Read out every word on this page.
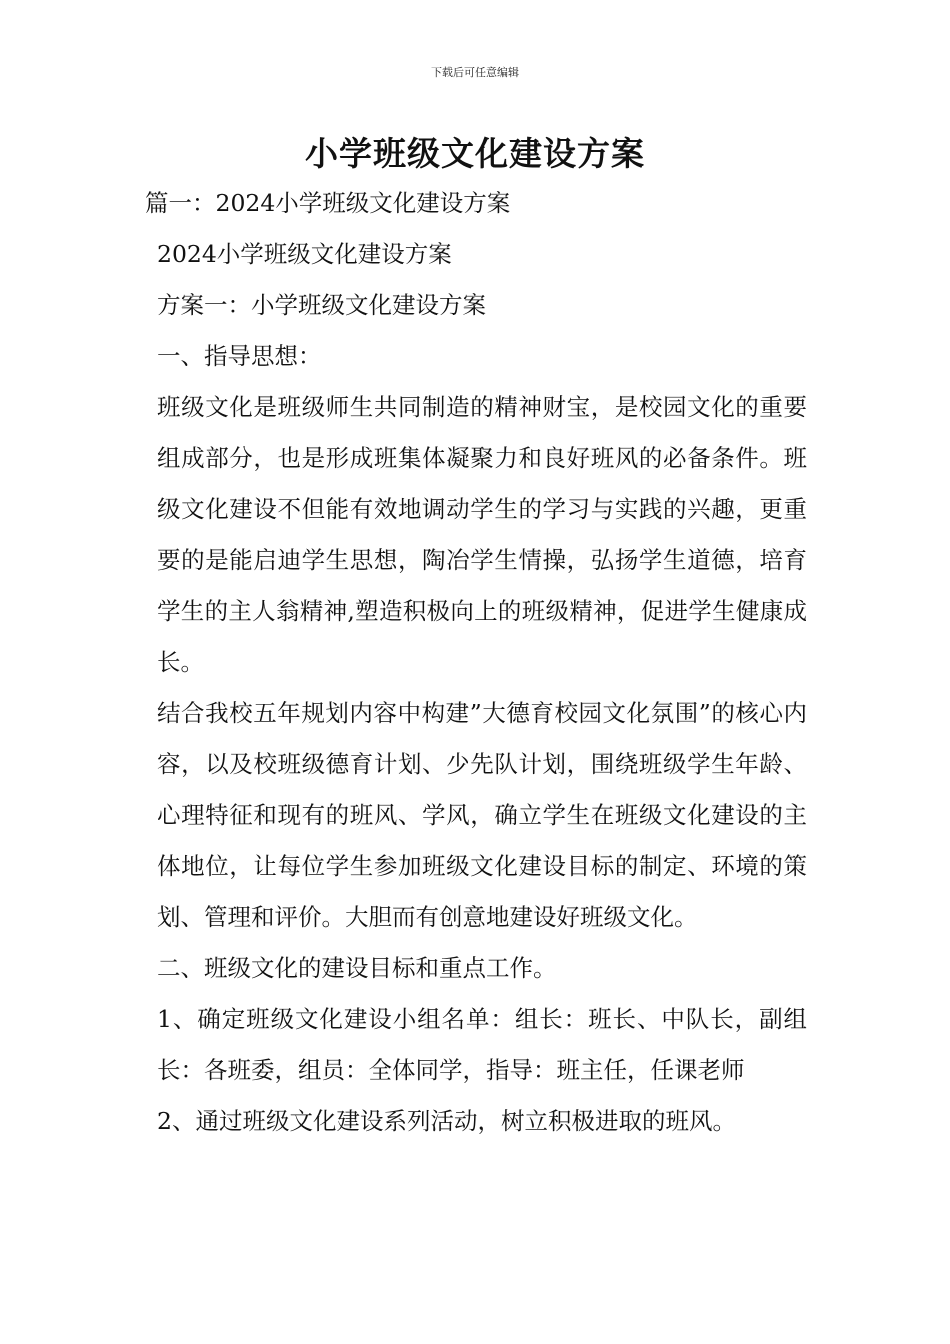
下载后可任意编辑
小学班级文化建设方案

篇一：2024小学班级文化建设方案

2024小学班级文化建设方案

方案一：小学班级文化建设方案

一、指导思想：

班级文化是班级师生共同制造的精神财宝，是校园文化的重要组成部分，也是形成班集体凝聚力和良好班风的必备条件。班级文化建设不但能有效地调动学生的学习与实践的兴趣，更重要的是能启迪学生思想，陶冶学生情操，弘扬学生道德，培育学生的主人翁精神,塑造积极向上的班级精神，促进学生健康成长。

结合我校五年规划内容中构建”大德育校园文化氛围”的核心内容，以及校班级德育计划、少先队计划，围绕班级学生年龄、心理特征和现有的班风、学风，确立学生在班级文化建设的主体地位，让每位学生参加班级文化建设目标的制定、环境的策划、管理和评价。大胆而有创意地建设好班级文化。

二、班级文化的建设目标和重点工作。

1、确定班级文化建设小组名单：组长：班长、中队长，副组长：各班委，组员：全体同学，指导：班主任，任课老师

2、通过班级文化建设系列活动，树立积极进取的班风。
